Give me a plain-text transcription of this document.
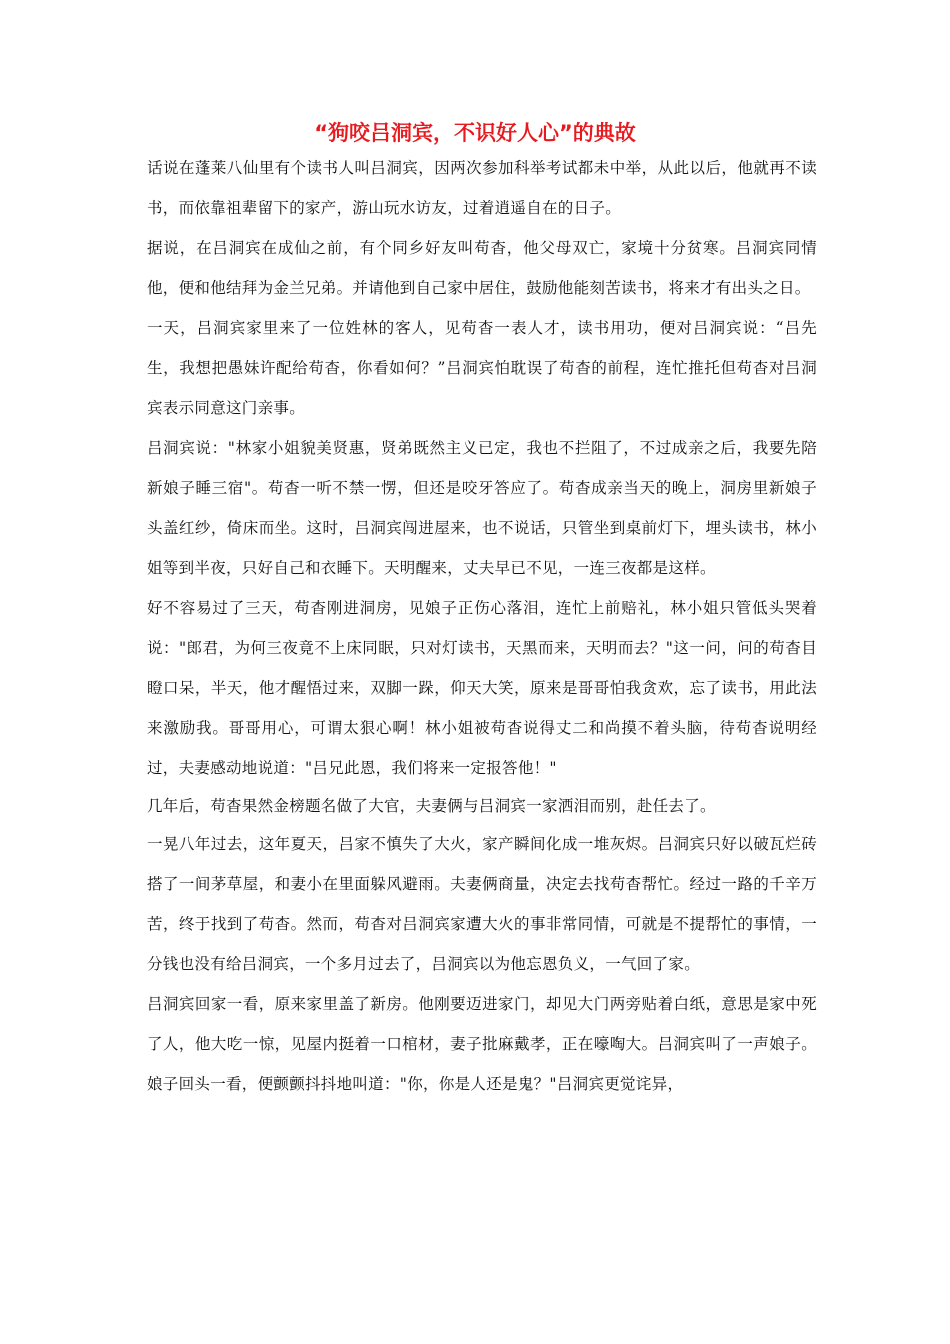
“狗咬吕洞宾，不识好人心”的典故

话说在蓬莱八仙里有个读书人叫吕洞宾，因两次参加科举考试都未中举，从此以后，他就再不读书，而依靠祖辈留下的家产，游山玩水访友，过着逍遥自在的日子。

据说，在吕洞宾在成仙之前，有个同乡好友叫苟杳，他父母双亡，家境十分贫寒。吕洞宾同情他，便和他结拜为金兰兄弟。并请他到自己家中居住，鼓励他能刻苦读书，将来才有出头之日。

一天，吕洞宾家里来了一位姓林的客人，见苟杳一表人才，读书用功，便对吕洞宾说：“吕先生，我想把愚妹许配给苟杳，你看如何？”吕洞宾怕耽误了苟杳的前程，连忙推托但苟杳对吕洞宾表示同意这门亲事。

吕洞宾说："林家小姐貌美贤惠，贤弟既然主义已定，我也不拦阻了，不过成亲之后，我要先陪新娘子睡三宿"。苟杳一听不禁一愣，但还是咬牙答应了。苟杳成亲当天的晚上，洞房里新娘子头盖红纱，倚床而坐。这时，吕洞宾闯进屋来，也不说话，只管坐到桌前灯下，埋头读书，林小姐等到半夜，只好自己和衣睡下。天明醒来，丈夫早已不见，一连三夜都是这样。

好不容易过了三天，苟杳刚进洞房，见娘子正伤心落泪，连忙上前赔礼，林小姐只管低头哭着说："郎君，为何三夜竟不上床同眠，只对灯读书，天黑而来，天明而去？"这一问，问的苟杳目瞪口呆，半天，他才醒悟过来，双脚一跺，仰天大笑，原来是哥哥怕我贪欢，忘了读书，用此法来激励我。哥哥用心，可谓太狠心啊！林小姐被苟杳说得丈二和尚摸不着头脑，待苟杳说明经过，夫妻感动地说道："吕兄此恩，我们将来一定报答他！"

几年后，苟杳果然金榜题名做了大官，夫妻俩与吕洞宾一家洒泪而别，赴任去了。

一晃八年过去，这年夏天，吕家不慎失了大火，家产瞬间化成一堆灰烬。吕洞宾只好以破瓦烂砖搭了一间茅草屋，和妻小在里面躲风避雨。夫妻俩商量，决定去找苟杳帮忙。经过一路的千辛万苦，终于找到了苟杳。然而，苟杳对吕洞宾家遭大火的事非常同情，可就是不提帮忙的事情，一分钱也没有给吕洞宾，一个多月过去了，吕洞宾以为他忘恩负义，一气回了家。

吕洞宾回家一看，原来家里盖了新房。他刚要迈进家门，却见大门两旁贴着白纸，意思是家中死了人，他大吃一惊，见屋内挺着一口棺材，妻子批麻戴孝，正在嚎啕大。吕洞宾叫了一声娘子。娘子回头一看，便颤颤抖抖地叫道："你，你是人还是鬼？"吕洞宾更觉诧异，
